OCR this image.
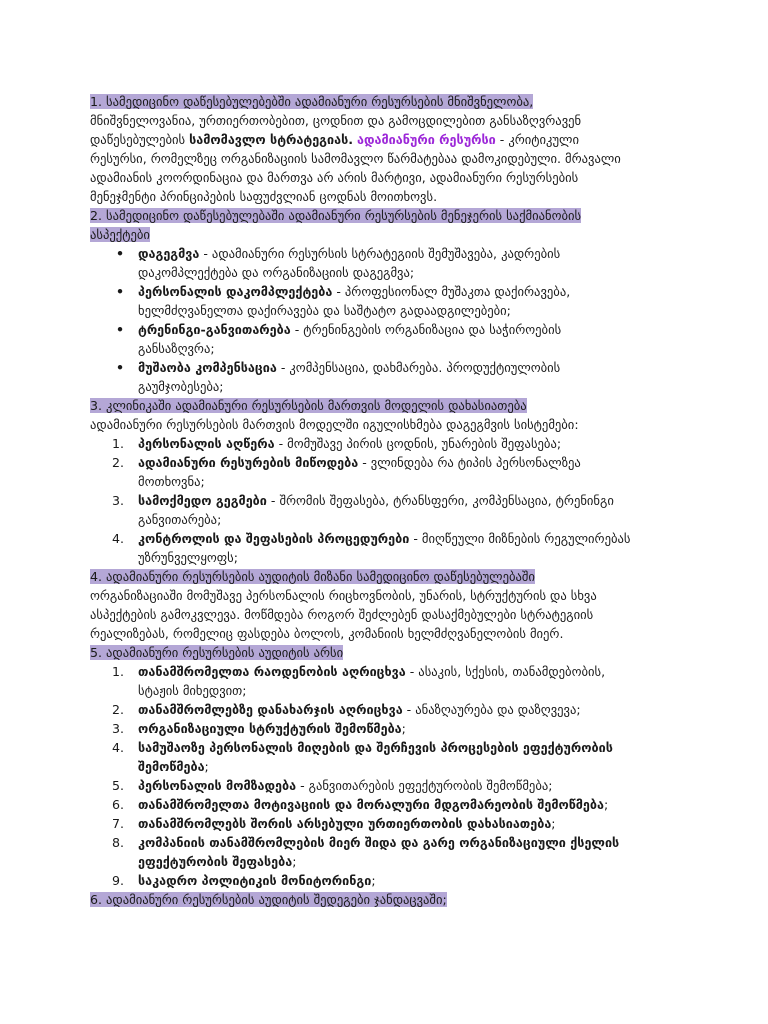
1. სამედიცინო დაწესებულებებში ადამიანური რესურსების მნიშვნელობა,
მნიშვნელოვანია, ურთიერთობებით, ცოდნით და გამოცდილებით განსაზღვრავენ
დაწესებულების სამომავლო სტრატეგიას. ადამიანური რესურსი - კრიტიკული
რესურსი, რომელზეც ორგანიზაციის სამომავლო წარმატებაა დამოკიდებული. მრავალი
ადამიანის კოორდინაცია და მართვა არ არის მარტივი, ადამიანური რესურსების
მენეჯმენტი პრინციპების საფუძვლიან ცოდნას მოითხოვს.
2. სამედიცინო დაწესებულებაში ადამიანური რესურსების მენეჯერის საქმიანობის
ასპექტები
• დაგეგმვა - ადამიანური რესურსის სტრატეგიის შემუშავება, კადრების
დაკომპლექტება და ორგანიზაციის დაგეგმვა;
• პერსონალის დაკომპლექტება - პროფესიონალ მუშაკთა დაქირავება,
ხელმძღვანელთა დაქირავება და საშტატო გადაადგილებები;
• ტრენინგი-განვითარება - ტრენინგების ორგანიზაცია და საჭიროების
განსაზღვრა;
• მუშაობა კომპენსაცია - კომპენსაცია, დახმარება. პროდუქტიულობის
გაუმჯობესება;
3. კლინიკაში ადამიანური რესურსების მართვის მოდელის დახასიათება
ადამიანური რესურსების მართვის მოდელში იგულისხმება დაგეგმვის სისტემები:
1. პერსონალის აღწერა - მომუშავე პირის ცოდნის, უნარების შეფასება;
2. ადამიანური რესურების მიწოდება - ვლინდება რა ტიპის პერსონალზეა
მოთხოვნა;
3. სამოქმედო გეგმები - შრომის შეფასება, ტრანსფერი, კომპენსაცია, ტრენინგი
განვითარება;
4. კონტროლის და შეფასების პროცედურები - მიღწეული მიზნების რეგულირებას
უზრუნველყოფს;
4. ადამიანური რესურსების აუდიტის მიზანი სამედიცინო დაწესებულებაში
ორგანიზაციაში მომუშავე პერსონალის რიცხოვნობის, უნარის, სტრუქტურის და სხვა
ასპექტების გამოკვლევა. მოწმდება როგორ შეძლებენ დასაქმებულები სტრატეგიის
რეალიზებას, რომელიც ფასდება ბოლოს, კომანიის ხელმძღვანელობის მიერ.
5. ადამიანური რესურსების აუდიტის არსი
1. თანამშრომელთა რაოდენობის აღრიცხვა - ასაკის, სქესის, თანამდებობის,
სტაჟის მიხედვით;
2. თანამშრომლებზე დანახარჯის აღრიცხვა - ანაზღაურება და დაზღვევა;
3. ორგანიზაციული სტრუქტურის შემოწმება;
4. სამუშაოზე პერსონალის მიღების და შერჩევის პროცესების ეფექტურობის
შემოწმება;
5. პერსონალის მომზადება - განვითარების ეფექტურობის შემოწმება;
6. თანამშრომელთა მოტივაციის და მორალური მდგომარეობის შემოწმება;
7. თანამშრომლებს შორის არსებული ურთიერთობის დახასიათება;
8. კომპანიის თანამშრომლების მიერ შიდა და გარე ორგანიზაციული ქსელის
ეფექტურობის შეფასება;
9. საკადრო პოლიტიკის მონიტორინგი;
6. ადამიანური რესურსების აუდიტის შედეგები ჯანდაცვაში;
